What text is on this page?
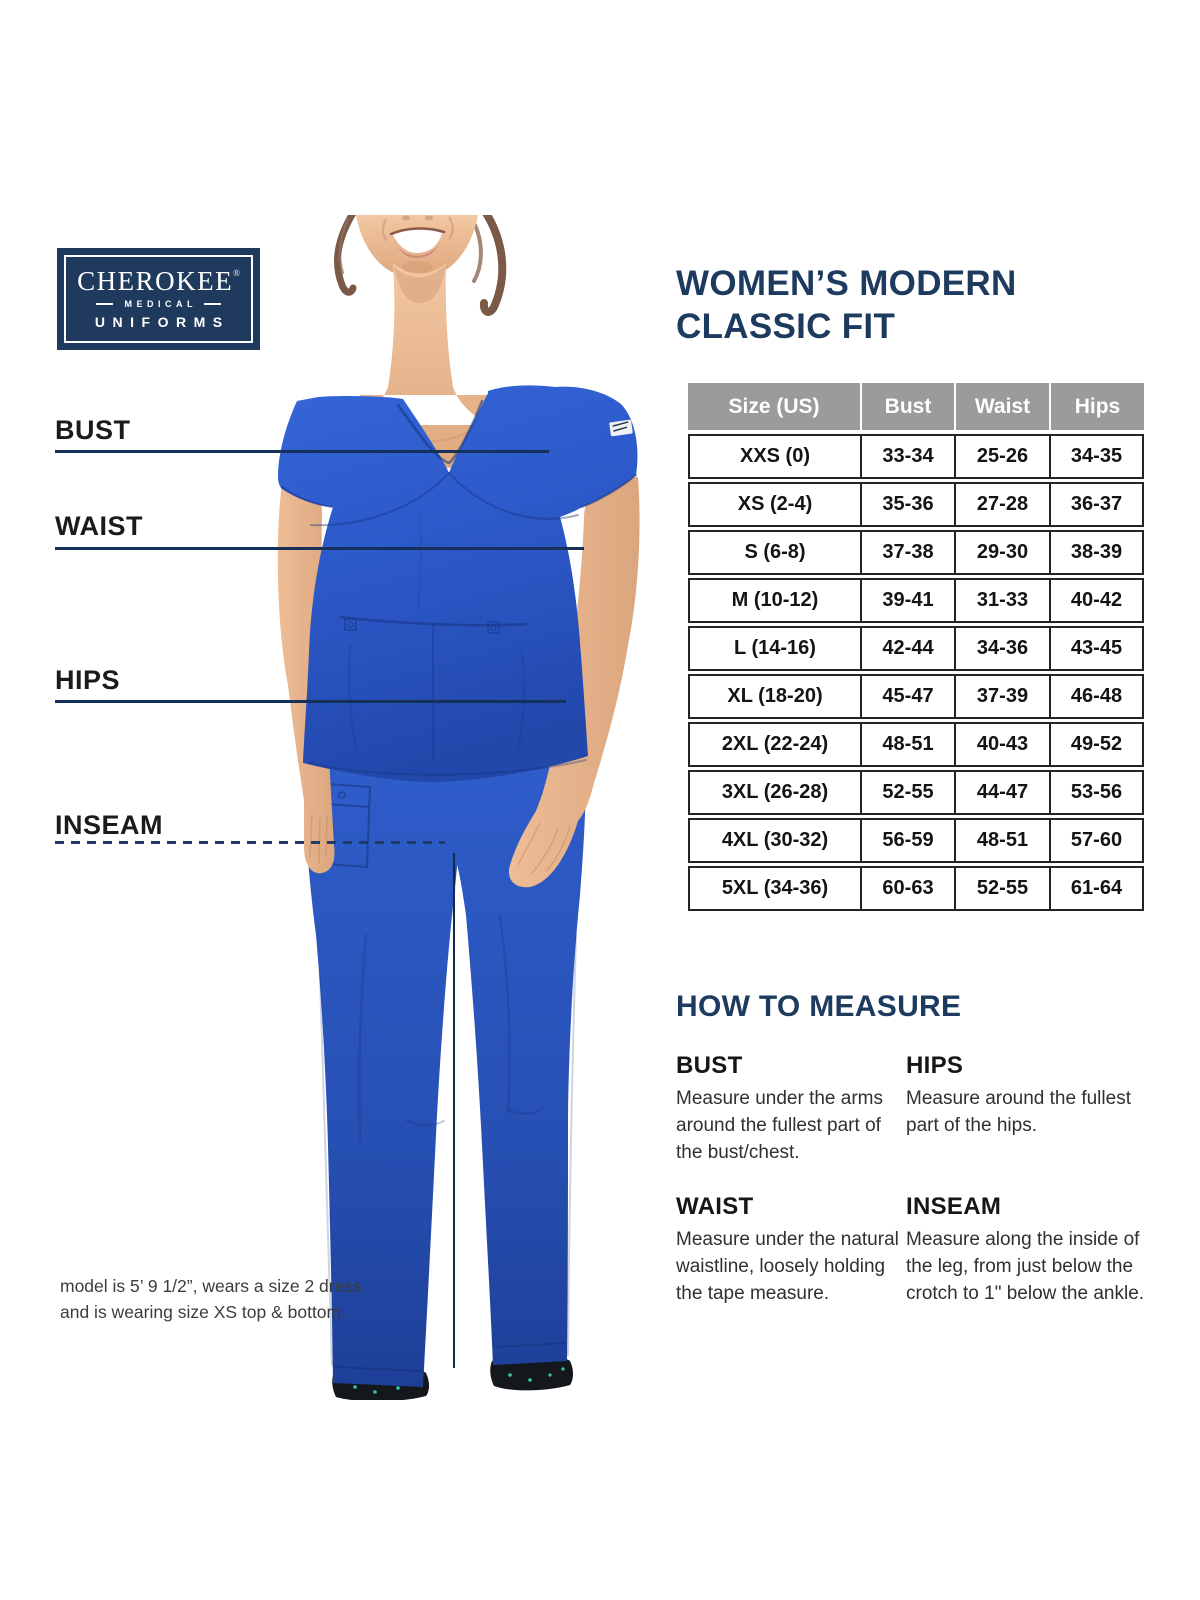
CHEROKEE®
MEDICAL
UNIFORMS
BUST
WAIST
HIPS
INSEAM
WOMEN’S MODERN
CLASSIC FIT
Size (US)	Bust	Waist	Hips
XXS (0)	33-34	25-26	34-35
XS (2-4)	35-36	27-28	36-37
S (6-8)	37-38	29-30	38-39
M (10-12)	39-41	31-33	40-42
L (14-16)	42-44	34-36	43-45
XL (18-20)	45-47	37-39	46-48
2XL (22-24)	48-51	40-43	49-52
3XL (26-28)	52-55	44-47	53-56
4XL (30-32)	56-59	48-51	57-60
5XL (34-36)	60-63	52-55	61-64
HOW TO MEASURE
BUST

Measure under the arms around the fullest part of the bust/chest.

HIPS

Measure around the fullest part of the hips.

WAIST

Measure under the natural waistline, loosely holding the tape measure.

INSEAM

Measure along the inside of the leg, from just below the crotch to 1" below the ankle.

model is 5’ 9 1/2”, wears a size 2 dress
and is wearing size XS top & bottom.
